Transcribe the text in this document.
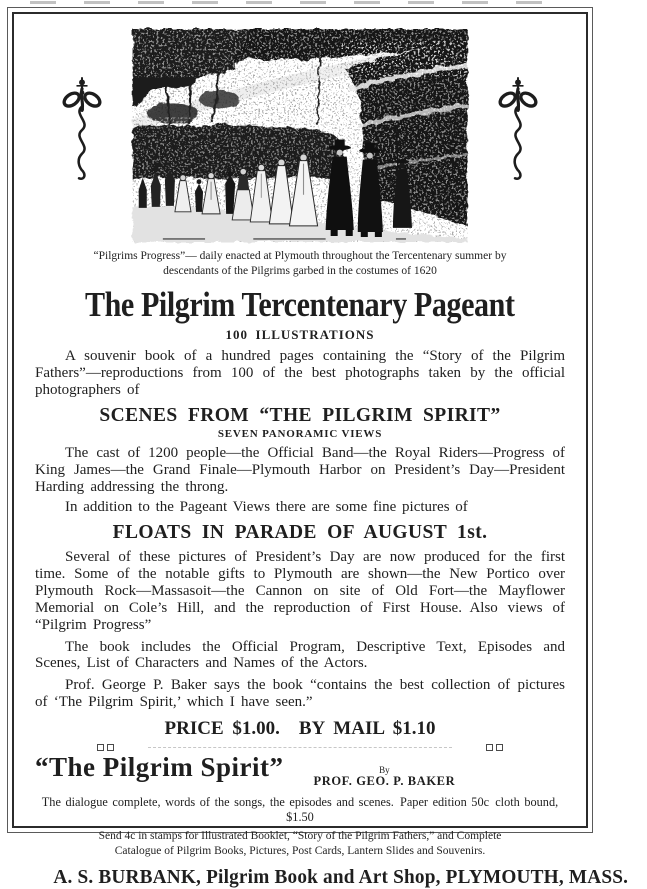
“Pilgrims Progress”— daily enacted at Plymouth throughout the Tercentenary summer by
descendants of the Pilgrims garbed in the costumes of 1620
The Pilgrim Tercentenary Pageant
100 ILLUSTRATIONS

A souvenir book of a hundred pages containing the “Story of the Pilgrim Fathers”—reproductions from 100 of the best photographs taken by the official photographers of

SCENES FROM “THE PILGRIM SPIRIT”
SEVEN PANORAMIC VIEWS

The cast of 1200 people—the Official Band—the Royal Riders—Progress of King James—the Grand Finale—Plymouth Harbor on President’s Day—President Harding addressing the throng.

In addition to the Pageant Views there are some fine pictures of

FLOATS IN PARADE OF AUGUST 1st.

Several of these pictures of President’s Day are now produced for the first time. Some of the notable gifts to Plymouth are shown—the New Portico over Plymouth Rock—Massasoit—the Cannon on site of Old Fort—the Mayflower Memorial on Cole’s Hill, and the reproduction of First House. Also views of “Pilgrim Progress”

The book includes the Official Program, Descriptive Text, Episodes and Scenes, List of Characters and Names of the Actors.

Prof. George P. Baker says the book “contains the best collection of pictures of ‘The Pilgrim Spirit,’ which I have seen.”

PRICE $1.00. BY MAIL $1.10
“The Pilgrim Spirit”	By
PROF. GEO. P. BAKER

The dialogue complete, words of the songs, the episodes and scenes. Paper edition 50c cloth bound, $1.50

Send 4c in stamps for Illustrated Booklet, “Story of the Pilgrim Fathers,” and Complete
Catalogue of Pilgrim Books, Pictures, Post Cards, Lantern Slides and Souvenirs.
A. S. BURBANK, Pilgrim Book and Art Shop, PLYMOUTH, MASS.
